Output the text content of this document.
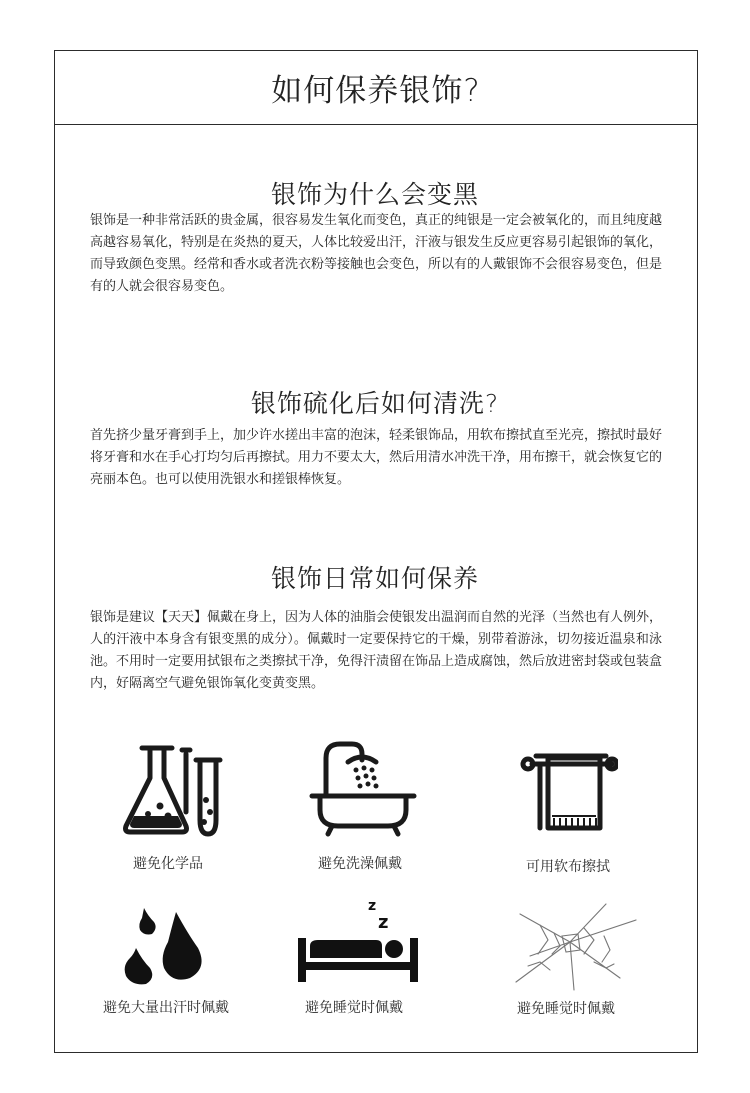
如何保养银饰?
银饰为什么会变黑

银饰是一种非常活跃的贵金属，很容易发生氧化而变色，真正的纯银是一定会被氧化的，而且纯度越高越容易氧化，特别是在炎热的夏天，人体比较爱出汗，汗液与银发生反应更容易引起银饰的氧化，而导致颜色变黑。经常和香水或者洗衣粉等接触也会变色，所以有的人戴银饰不会很容易变色，但是有的人就会很容易变色。

银饰硫化后如何清洗?

首先挤少量牙膏到手上，加少许水搓出丰富的泡沫，轻柔银饰品，用软布擦拭直至光亮，擦拭时最好将牙膏和水在手心打均匀后再擦拭。用力不要太大，然后用清水冲洗干净，用布擦干，就会恢复它的亮丽本色。也可以使用洗银水和搓银棒恢复。

银饰日常如何保养

银饰是建议【天天】佩戴在身上，因为人体的油脂会使银发出温润而自然的光泽（当然也有人例外，人的汗液中本身含有银变黑的成分）。佩戴时一定要保持它的干燥，别带着游泳，切勿接近温泉和泳池。不用时一定要用拭银布之类擦拭干净，免得汗渍留在饰品上造成腐蚀，然后放进密封袋或包装盒内，好隔离空气避免银饰氧化变黄变黑。

避免化学品	避免洗澡佩戴	可用软布擦拭
避免大量出汗时佩戴
z
z
避免睡觉时佩戴	避免睡觉时佩戴
